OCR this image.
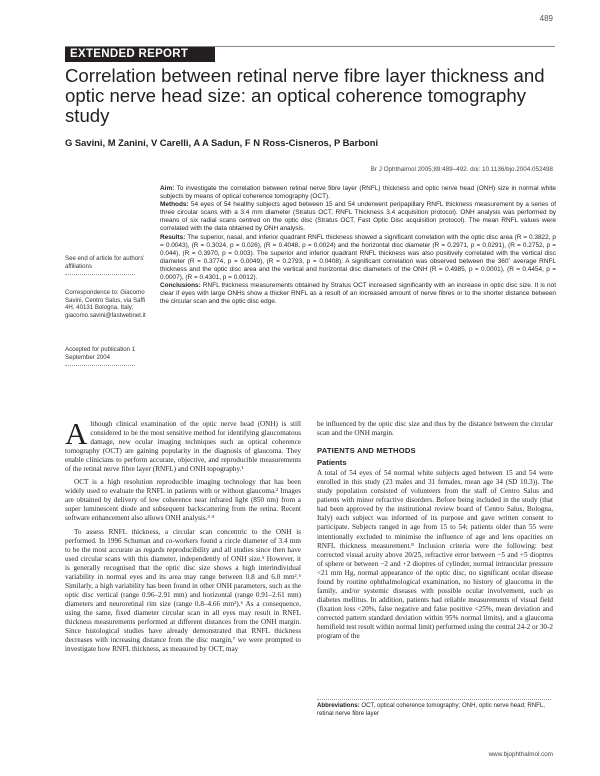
489
EXTENDED REPORT
Correlation between retinal nerve fibre layer thickness and optic nerve head size: an optical coherence tomography study
G Savini, M Zanini, V Carelli, A A Sadun, F N Ross-Cisneros, P Barboni
Br J Ophthalmol 2005;89:489–492. doi: 10.1136/bjo.2004.052498

Aim: To investigate the correlation between retinal nerve fibre layer (RNFL) thickness and optic nerve head (ONH) size in normal white subjects by means of optical coherence tomography (OCT).

Methods: 54 eyes of 54 healthy subjects aged between 15 and 54 underwent peripapillary RNFL thickness measurement by a series of three circular scans with a 3.4 mm diameter (Stratus OCT, RNFL Thickness 3.4 acquisition protocol). ONH analysis was performed by means of six radial scans centred on the optic disc (Stratus OCT, Fast Optic Disc acquisition protocol). The mean RNFL values were correlated with the data obtained by ONH analysis.

Results: The superior, nasal, and inferior quadrant RNFL thickness showed a significant correlation with the optic disc area (R = 0.3822, p = 0.0043), (R = 0.3024, p = 0.026), (R = 0.4048, p = 0.0024) and the horizontal disc diameter (R = 0.2971, p = 0.0291), (R = 0.2752, p = 0.044), (R = 0.3970, p = 0.003). The superior and inferior quadrant RNFL thickness was also positively correlated with the vertical disc diameter (R = 0.3774, p = 0.0049), (R = 0.2793, p = 0.0408). A significant correlation was observed between the 360˚ average RNFL thickness and the optic disc area and the vertical and horizontal disc diameters of the ONH (R = 0.4985, p = 0.0001), (R = 0.4454, p = 0.0007), (R = 0.4301, p = 0.0012).

Conclusions: RNFL thickness measurements obtained by Stratus OCT increased significantly with an increase in optic disc size. It is not clear if eyes with large ONHs show a thicker RNFL as a result of an increased amount of nerve fibres or to the shorter distance between the circular scan and the optic disc edge.

See end of article for authors' affiliations
Correspondence to: Giacomo Savini, Centro Salus, via Saffi 4H, 40131 Bologna, Italy; giacomo.savini@fastwebnet.it
Accepted for publication 1 September 2004

Although clinical examination of the optic nerve head (ONH) is still considered to be the most sensitive method for identifying glaucomatous damage, new ocular imaging techniques such as optical coherence tomography (OCT) are gaining popularity in the diagnosis of glaucoma. They enable clinicians to perform accurate, objective, and reproducible measurements of the retinal nerve fibre layer (RNFL) and ONH topography.¹

OCT is a high resolution reproducible imaging technology that has been widely used to evaluate the RNFL in patients with or without glaucoma.² Images are obtained by delivery of low coherence near infrared light (850 nm) from a super luminescent diode and subsequent backscattering from the retina. Recent software enhancement also allows ONH analysis.³ ⁴

To assess RNFL thickness, a circular scan concentric to the ONH is performed. In 1996 Schuman and co-workers found a circle diameter of 3.4 mm to be the most accurate as regards reproducibility and all studies since then have used circular scans with this diameter, independently of ONH size.⁵ However, it is generally recognised that the optic disc size shows a high interindividual variability in normal eyes and its area may range between 0.8 and 6.0 mm².⁶ Similarly, a high variability has been found in other ONH parameters, such as the optic disc vertical (range 0.96–2.91 mm) and horizontal (range 0.91–2.61 mm) diameters and neuroretinal rim size (range 0.8–4.66 mm²).⁶ As a consequence, using the same, fixed diameter circular scan in all eyes may result in RNFL thickness measurements performed at different distances from the ONH margin. Since histological studies have already demonstrated that RNFL thickness decreases with increasing distance from the disc margin,⁷ we were prompted to investigate how RNFL thickness, as measured by OCT, may

be influenced by the optic disc size and thus by the distance between the circular scan and the ONH margin.

PATIENTS AND METHODS
Patients

A total of 54 eyes of 54 normal white subjects aged between 15 and 54 were enrolled in this study (23 males and 31 females, mean age 34 (SD 10.3)). The study population consisted of volunteers from the staff of Centro Salus and patients with minor refractive disorders. Before being included in the study (that had been approved by the institutional review board of Centro Salus, Bologna, Italy) each subject was informed of its purpose and gave written consent to participate. Subjects ranged in age from 15 to 54; patients older than 55 were intentionally excluded to minimise the influence of age and lens opacities on RNFL thickness measurement.⁸ Inclusion criteria were the following: best corrected visual acuity above 20/25, refractive error between −5 and +5 dioptres of sphere or between −2 and +2 dioptres of cylinder, normal intraocular pressure <21 mm Hg, normal appearance of the optic disc, no significant ocular disease found by routine ophthalmological examination, no history of glaucoma in the family, and/or systemic diseases with possible ocular involvement, such as diabetes mellitus. In addition, patients had reliable measurements of visual field (fixation loss <20%, false negative and false positive <25%, mean deviation and corrected pattern standard deviation within 95% normal limits), and a glaucoma hemifield test result within normal limit) performed using the central 24-2 or 30-2 program of the

Abbreviations: OCT, optical coherence tomography; ONH, optic nerve head; RNFL, retinal nerve fibre layer
www.bjophthalmol.com
